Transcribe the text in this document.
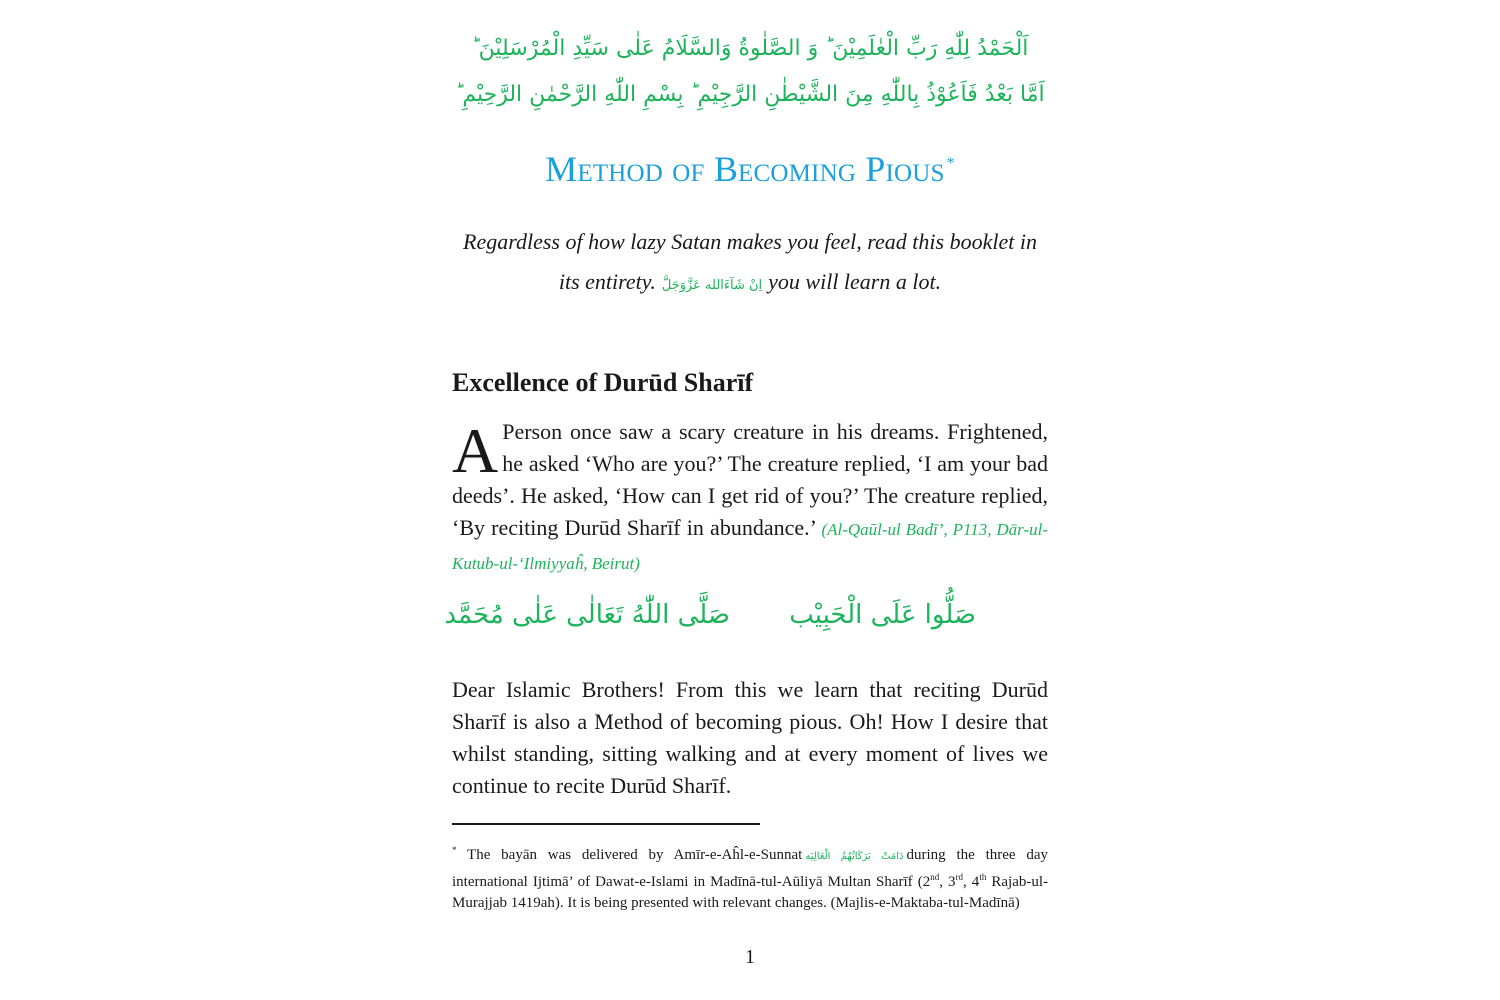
اَلْحَمْدُ لِلّٰهِ رَبِّ الْعٰلَمِيْنَ ؕ وَ الصَّلٰوةُ وَالسَّلَامُ عَلٰى سَيِّدِ الْمُرْسَلِيْنَ ؕ
اَمَّا بَعْدُ فَاَعُوْذُ بِاللّٰهِ مِنَ الشَّيْطٰنِ الرَّجِيْمِ ؕ بِسْمِ اللّٰهِ الرَّحْمٰنِ الرَّحِيْمِ ؕ
Method of Becoming Pious *
Regardless of how lazy Satan makes you feel, read this booklet in its entirety. اِنْ شَآءَالله عَزَّوَجَلَّ you will learn a lot.
Excellence of Durūd Sharīf
A Person once saw a scary creature in his dreams. Frightened, he asked ‘Who are you?’ The creature replied, ‘I am your bad deeds’. He asked, ‘How can I get rid of you?’ The creature replied, ‘By reciting Durūd Sharīf in abundance.’ (Al-Qaūl-ul Badī’, P113, Dār-ul-Kutub-ul-‘Ilmiyyaĥ, Beirut)
صَلُّوا عَلَى الْحَبِيْب
صَلَّى اللّٰهُ تَعَالٰى عَلٰى مُحَمَّد
Dear Islamic Brothers! From this we learn that reciting Durūd Sharīf is also a Method of becoming pious. Oh! How I desire that whilst standing, sitting walking and at every moment of lives we continue to recite Durūd Sharīf.
* The bayān was delivered by Amīr-e-Aĥl-e-Sunnat دَامَتْ بَرَكَاتُهُمُ الْعَالِيَه during the three day international Ijtimā’ of Dawat-e-Islami in Madīnā-tul-Aūliyā Multan Sharīf (2nd, 3rd, 4th Rajab-ul-Murajjab 1419ah). It is being presented with relevant changes. (Majlis-e-Maktaba-tul-Madīnā)
1
